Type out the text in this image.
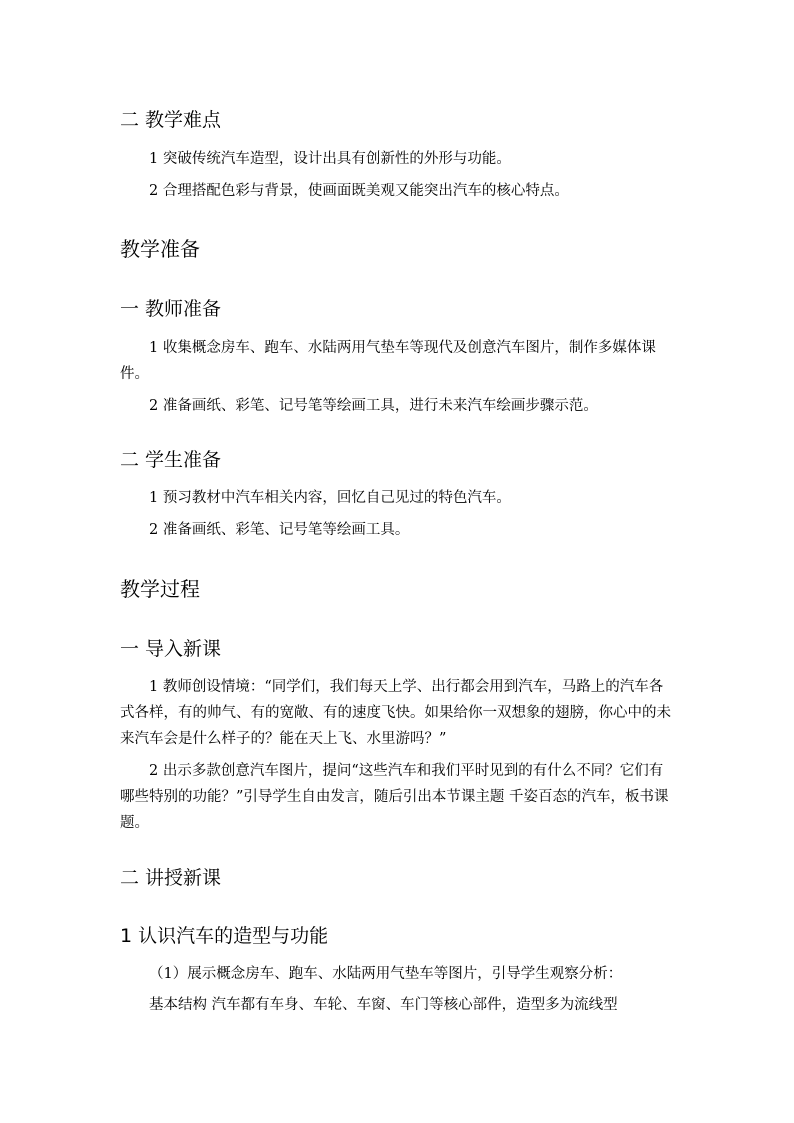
二 教学难点

1 突破传统汽车造型，设计出具有创新性的外形与功能。

2 合理搭配色彩与背景，使画面既美观又能突出汽车的核心特点。

教学准备
一 教师准备

1 收集概念房车、跑车、水陆两用气垫车等现代及创意汽车图片，制作多媒体课件。

2 准备画纸、彩笔、记号笔等绘画工具，进行未来汽车绘画步骤示范。

二 学生准备

1 预习教材中汽车相关内容，回忆自己见过的特色汽车。

2 准备画纸、彩笔、记号笔等绘画工具。

教学过程
一 导入新课

1 教师创设情境：“同学们，我们每天上学、出行都会用到汽车，马路上的汽车各式各样，有的帅气、有的宽敞、有的速度飞快。如果给你一双想象的翅膀，你心中的未来汽车会是什么样子的？能在天上飞、水里游吗？”

2 出示多款创意汽车图片，提问“这些汽车和我们平时见到的有什么不同？它们有哪些特别的功能？”引导学生自由发言，随后引出本节课主题 千姿百态的汽车，板书课题。

二 讲授新课
1 认识汽车的造型与功能

（1）展示概念房车、跑车、水陆两用气垫车等图片，引导学生观察分析：

基本结构 汽车都有车身、车轮、车窗、车门等核心部件，造型多为流线型
